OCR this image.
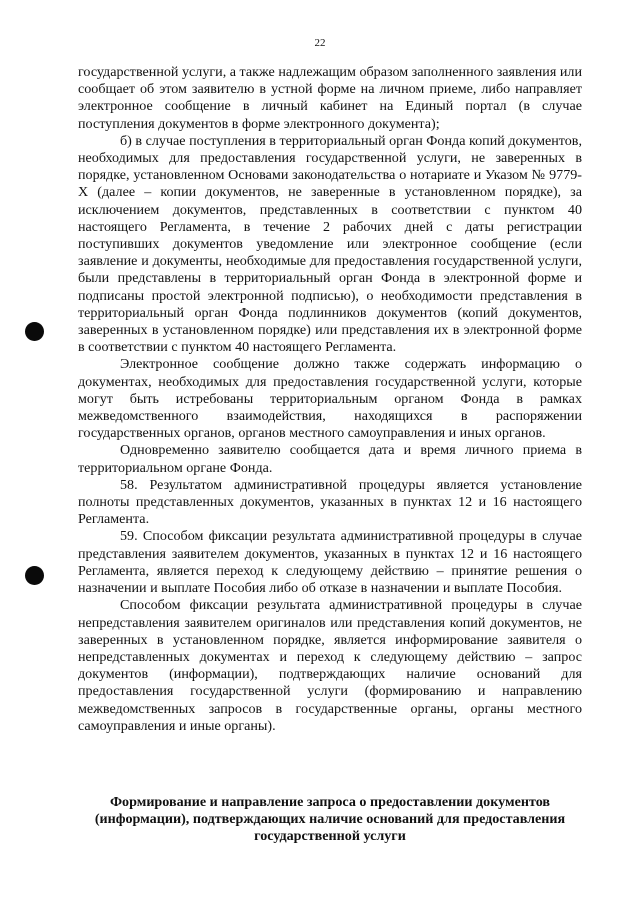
22

государственной услуги, а также надлежащим образом заполненного заявления или сообщает об этом заявителю в устной форме на личном приеме, либо направляет электронное сообщение в личный кабинет на Единый портал (в случае поступления документов в форме электронного документа);

б) в случае поступления в территориальный орган Фонда копий документов, необходимых для предоставления государственной услуги, не заверенных в порядке, установленном Основами законодательства о нотариате и Указом № 9779-Х (далее – копии документов, не заверенные в установленном порядке), за исключением документов, представленных в соответствии с пунктом 40 настоящего Регламента, в течение 2 рабочих дней с даты регистрации поступивших документов уведомление или электронное сообщение (если заявление и документы, необходимые для предоставления государственной услуги, были представлены в территориальный орган Фонда в электронной форме и подписаны простой электронной подписью), о необходимости представления в территориальный орган Фонда подлинников документов (копий документов, заверенных в установленном порядке) или представления их в электронной форме в соответствии с пунктом 40 настоящего Регламента.

Электронное сообщение должно также содержать информацию о документах, необходимых для предоставления государственной услуги, которые могут быть истребованы территориальным органом Фонда в рамках межведомственного взаимодействия, находящихся в распоряжении государственных органов, органов местного самоуправления и иных органов.

Одновременно заявителю сообщается дата и время личного приема в территориальном органе Фонда.

58. Результатом административной процедуры является установление полноты представленных документов, указанных в пунктах 12 и 16 настоящего Регламента.

59. Способом фиксации результата административной процедуры в случае представления заявителем документов, указанных в пунктах 12 и 16 настоящего Регламента, является переход к следующему действию – принятие решения о назначении и выплате Пособия либо об отказе в назначении и выплате Пособия.

Способом фиксации результата административной процедуры в случае непредставления заявителем оригиналов или представления копий документов, не заверенных в установленном порядке, является информирование заявителя о непредставленных документах и переход к следующему действию – запрос документов (информации), подтверждающих наличие оснований для предоставления государственной услуги (формированию и направлению межведомственных запросов в государственные органы, органы местного самоуправления и иные органы).

Формирование и направление запроса о предоставлении документов (информации), подтверждающих наличие оснований для предоставления государственной услуги
